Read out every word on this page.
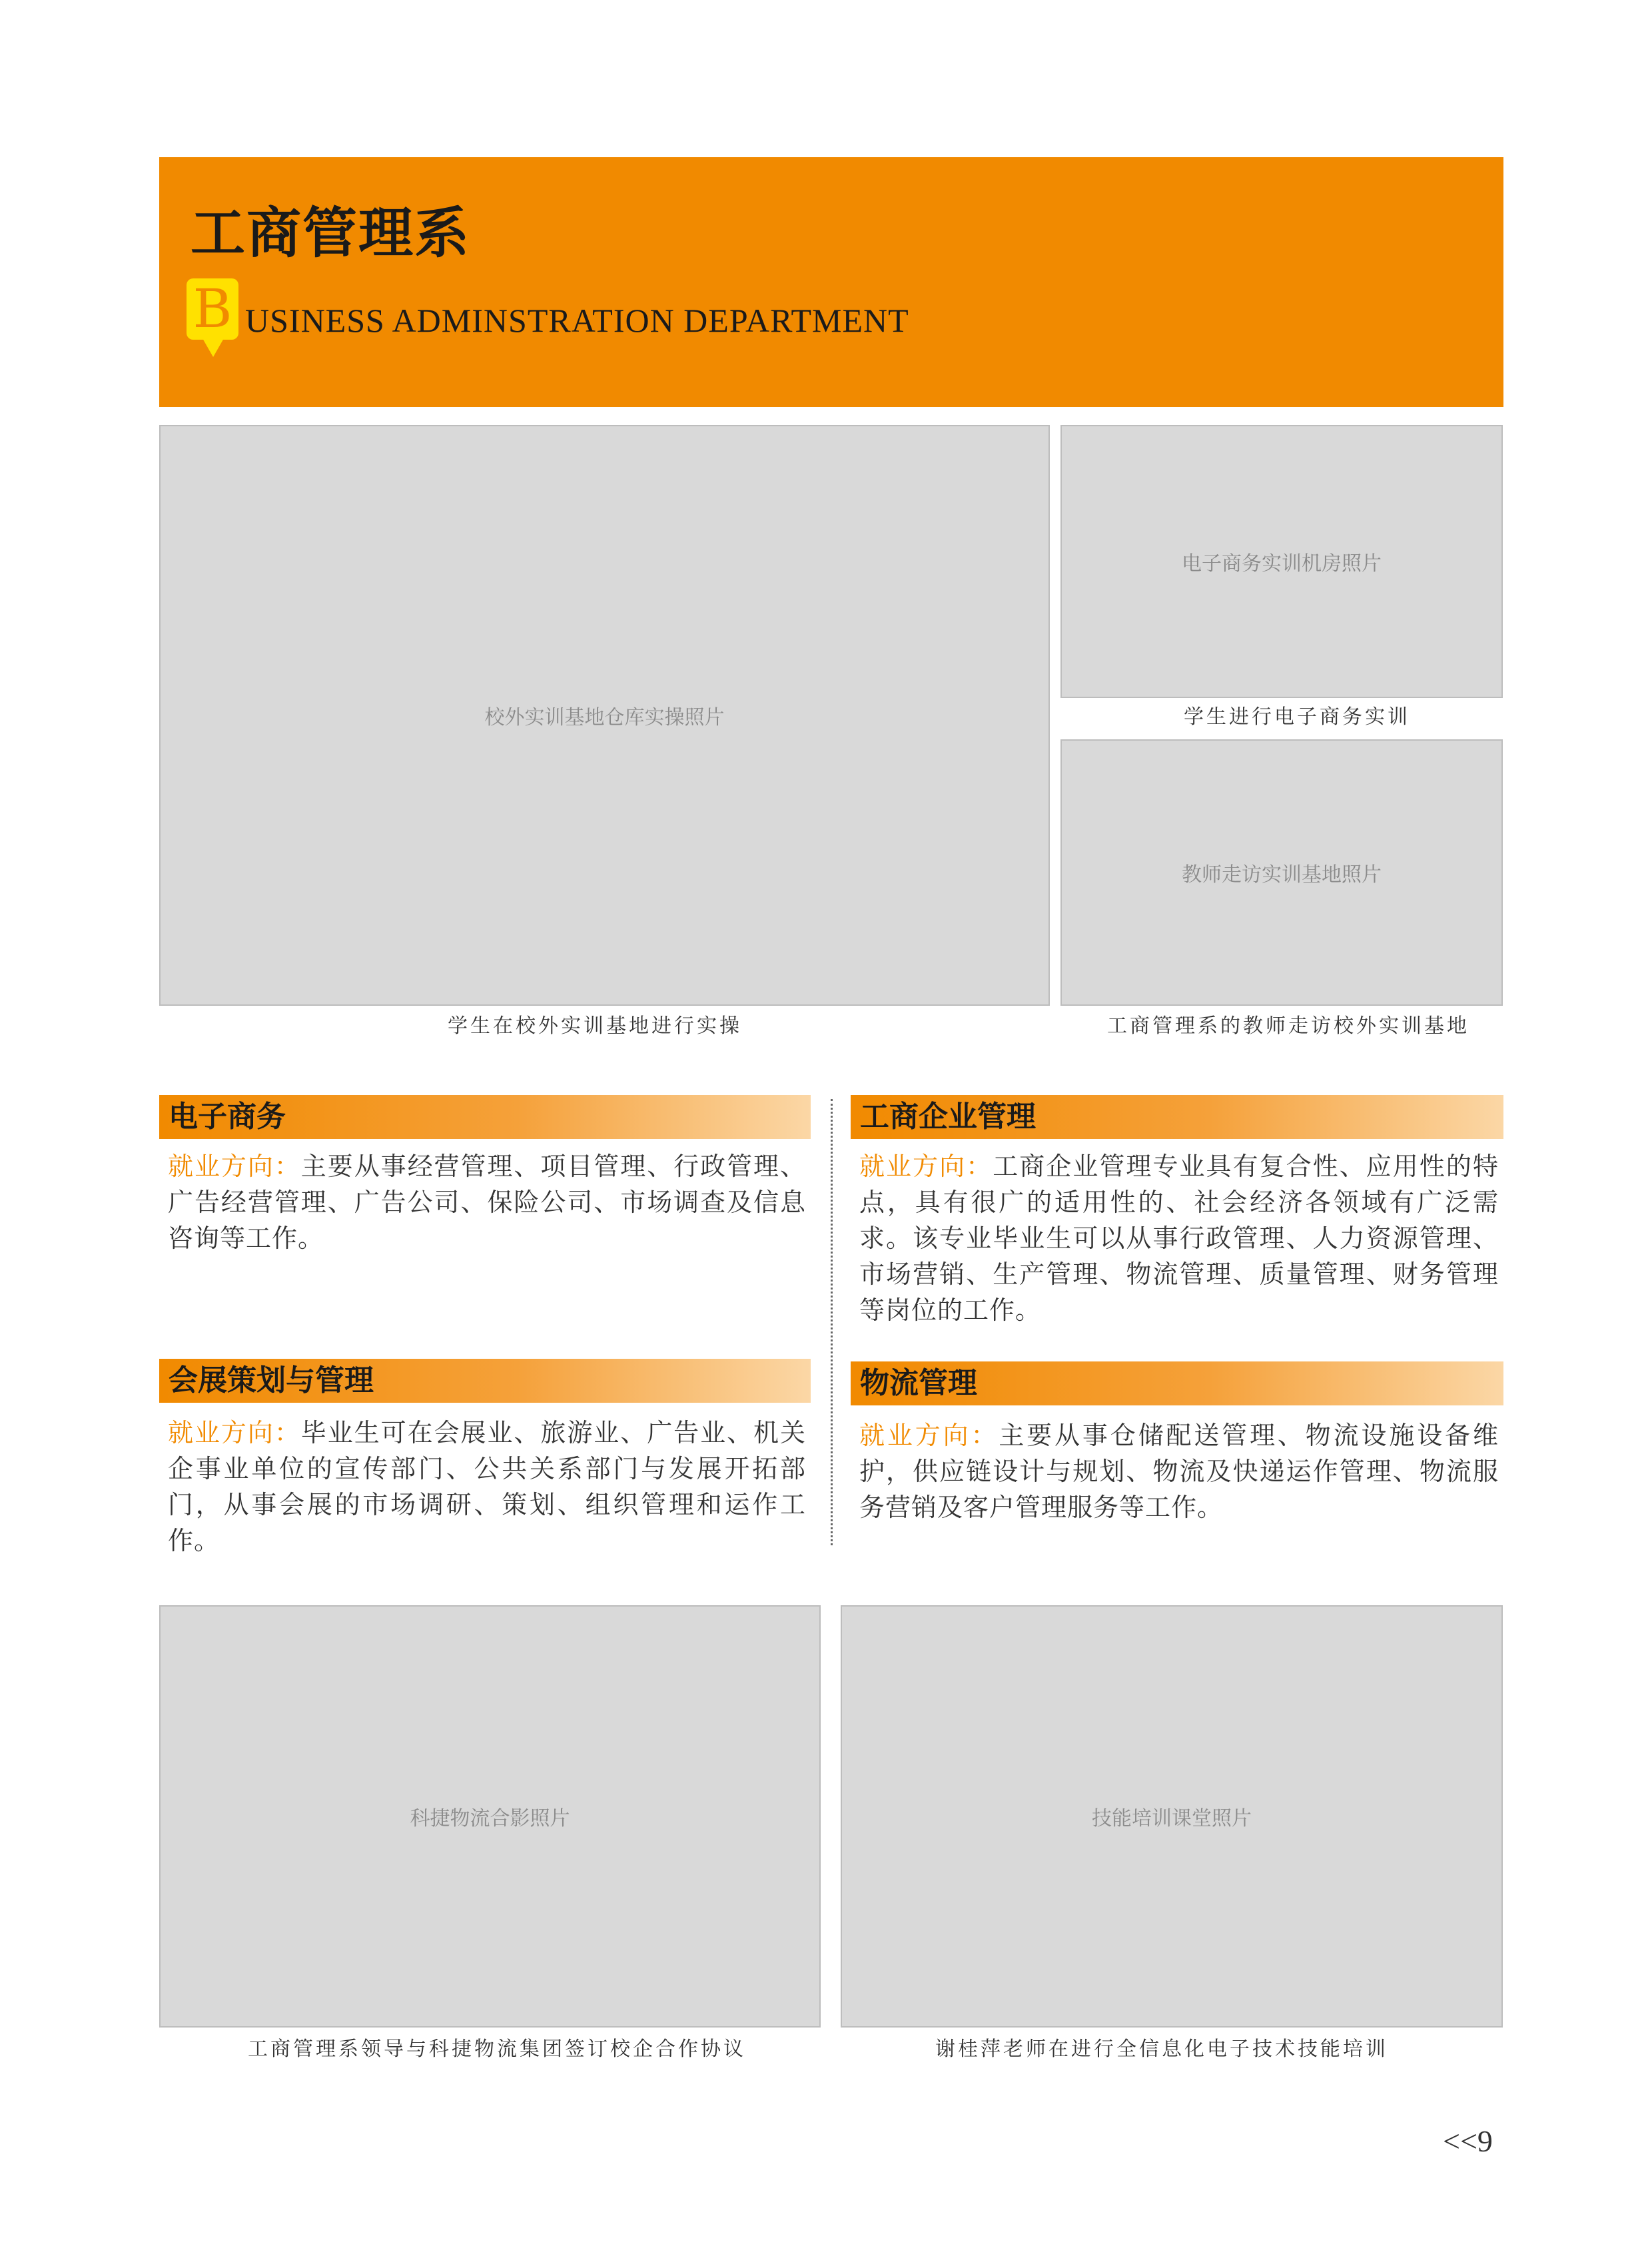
工商管理系
B USINESS ADMINSTRATION DEPARTMENT
校外实训基地仓库实操照片
学生在校外实训基地进行实操
电子商务实训机房照片
学生进行电子商务实训
教师走访实训基地照片
工商管理系的教师走访校外实训基地
电子商务
就业方向：主要从事经营管理、项目管理、行政管理、广告经营管理、广告公司、保险公司、市场调查及信息咨询等工作。
会展策划与管理
就业方向：毕业生可在会展业、旅游业、广告业、机关企事业单位的宣传部门、公共关系部门与发展开拓部门，从事会展的市场调研、策划、组织管理和运作工作。
工商企业管理
就业方向：工商企业管理专业具有复合性、应用性的特点，具有很广的适用性的、社会经济各领域有广泛需求。该专业毕业生可以从事行政管理、人力资源管理、市场营销、生产管理、物流管理、质量管理、财务管理等岗位的工作。
物流管理
就业方向：主要从事仓储配送管理、物流设施设备维护，供应链设计与规划、物流及快递运作管理、物流服务营销及客户管理服务等工作。
科捷物流合影照片
工商管理系领导与科捷物流集团签订校企合作协议
技能培训课堂照片
谢桂萍老师在进行全信息化电子技术技能培训
<<9
